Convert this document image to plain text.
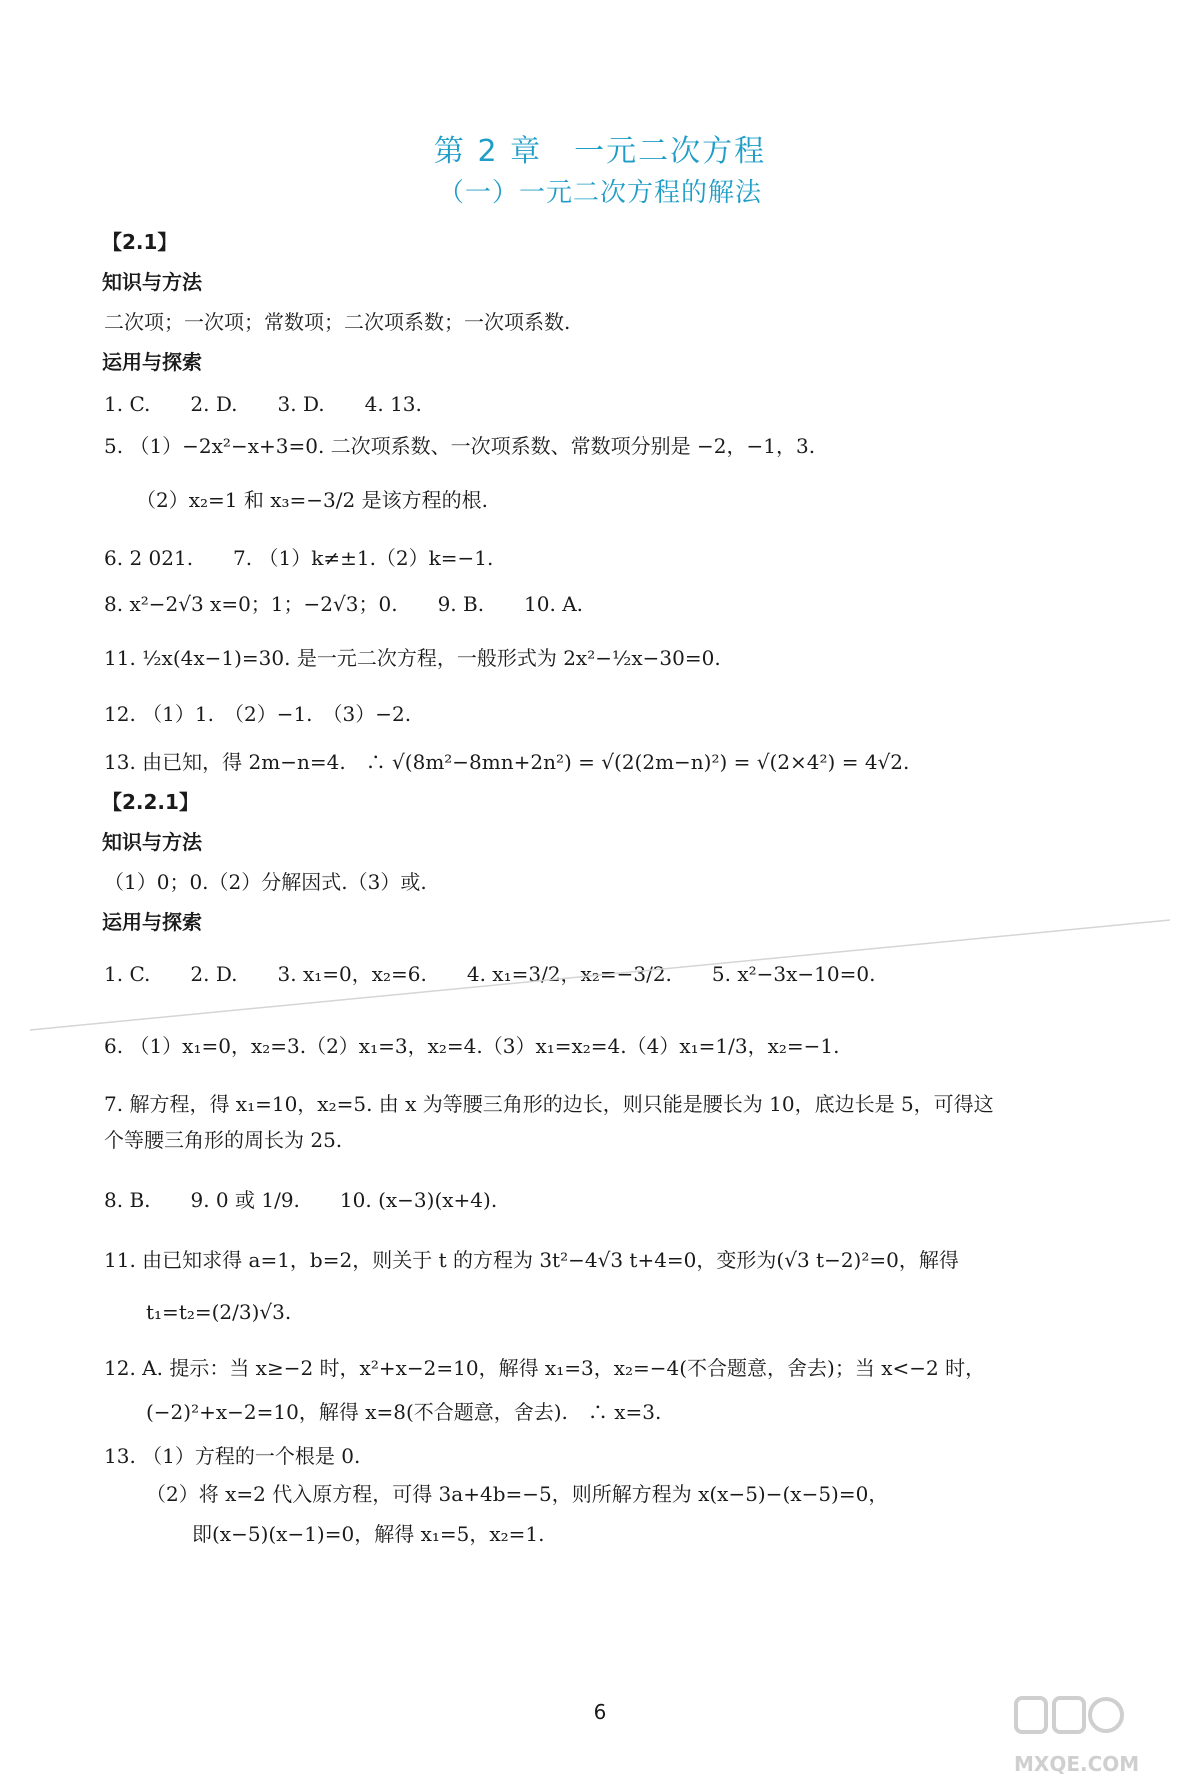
第 2 章　一元二次方程
（一）一元二次方程的解法
【2.1】
知识与方法
二次项；一次项；常数项；二次项系数；一次项系数.
运用与探索
1. C.　　2. D.　　3. D.　　4. 13.
5. （1）−2x²−x+3=0. 二次项系数、一次项系数、常数项分别是 −2，−1，3.
（2）x₂=1 和 x₃=−3/2 是该方程的根.
6. 2 021.　　7. （1）k≠±1.（2）k=−1.
8. x²−2√3 x=0；1；−2√3；0.　　9. B.　　10. A.
11. ½x(4x−1)=30. 是一元二次方程，一般形式为 2x²−½x−30=0.
12. （1）1.　（2）−1.　（3）−2.
13. 由已知，得 2m−n=4.　∴ √(8m²−8mn+2n²) = √(2(2m−n)²) = √(2×4²) = 4√2.
【2.2.1】
知识与方法
（1）0；0.（2）分解因式.（3）或.
运用与探索
1. C.　　2. D.　　3. x₁=0，x₂=6.　　4. x₁=3/2，x₂=−3/2.　　5. x²−3x−10=0.
6. （1）x₁=0，x₂=3.（2）x₁=3，x₂=4.（3）x₁=x₂=4.（4）x₁=1/3，x₂=−1.
7. 解方程，得 x₁=10，x₂=5. 由 x 为等腰三角形的边长，则只能是腰长为 10，底边长是 5，可得这
个等腰三角形的周长为 25.
8. B.　　9. 0 或 1/9.　　10. (x−3)(x+4).
11. 由已知求得 a=1，b=2，则关于 t 的方程为 3t²−4√3 t+4=0，变形为(√3 t−2)²=0，解得
t₁=t₂=(2/3)√3.
12. A. 提示：当 x≥−2 时，x²+x−2=10，解得 x₁=3，x₂=−4(不合题意，舍去)；当 x<−2 时，
(−2)²+x−2=10，解得 x=8(不合题意，舍去).　∴ x=3.
13. （1）方程的一个根是 0.
（2）将 x=2 代入原方程，可得 3a+4b=−5，则所解方程为 x(x−5)−(x−5)=0，
即(x−5)(x−1)=0，解得 x₁=5，x₂=1.
6
MXQE.COM
